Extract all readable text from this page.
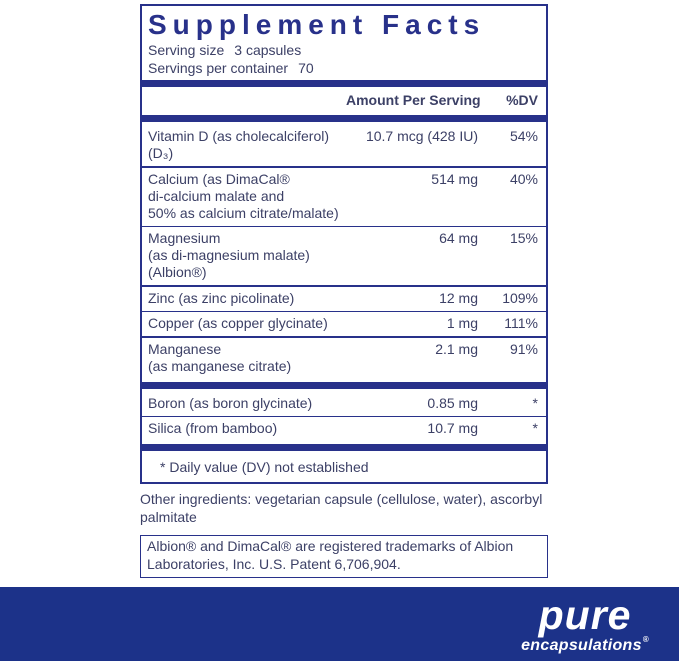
Supplement Facts
Serving size 3 capsules
Servings per container 70
Amount Per Serving	%DV
Vitamin D (as cholecalciferol)(D₃)
10.7 mcg (428 IU)	54%
Calcium (as DimaCal®
di-calcium malate and
50% as calcium citrate/malate)
514 mg	40%
Magnesium
(as di-magnesium malate)(Albion®)
64 mg	15%
Zinc (as zinc picolinate)	12 mg	109%
Copper (as copper glycinate)	1 mg	111%
Manganese
(as manganese citrate)
2.1 mg	91%
Boron (as boron glycinate)	0.85 mg	*
Silica (from bamboo)	10.7 mg	*
* Daily value (DV) not established
Other ingredients: vegetarian capsule (cellulose, water), ascorbyl palmitate
Albion® and DimaCal® are registered trademarks of Albion Laboratories, Inc. U.S. Patent 6,706,904.
pure
encapsulations®
